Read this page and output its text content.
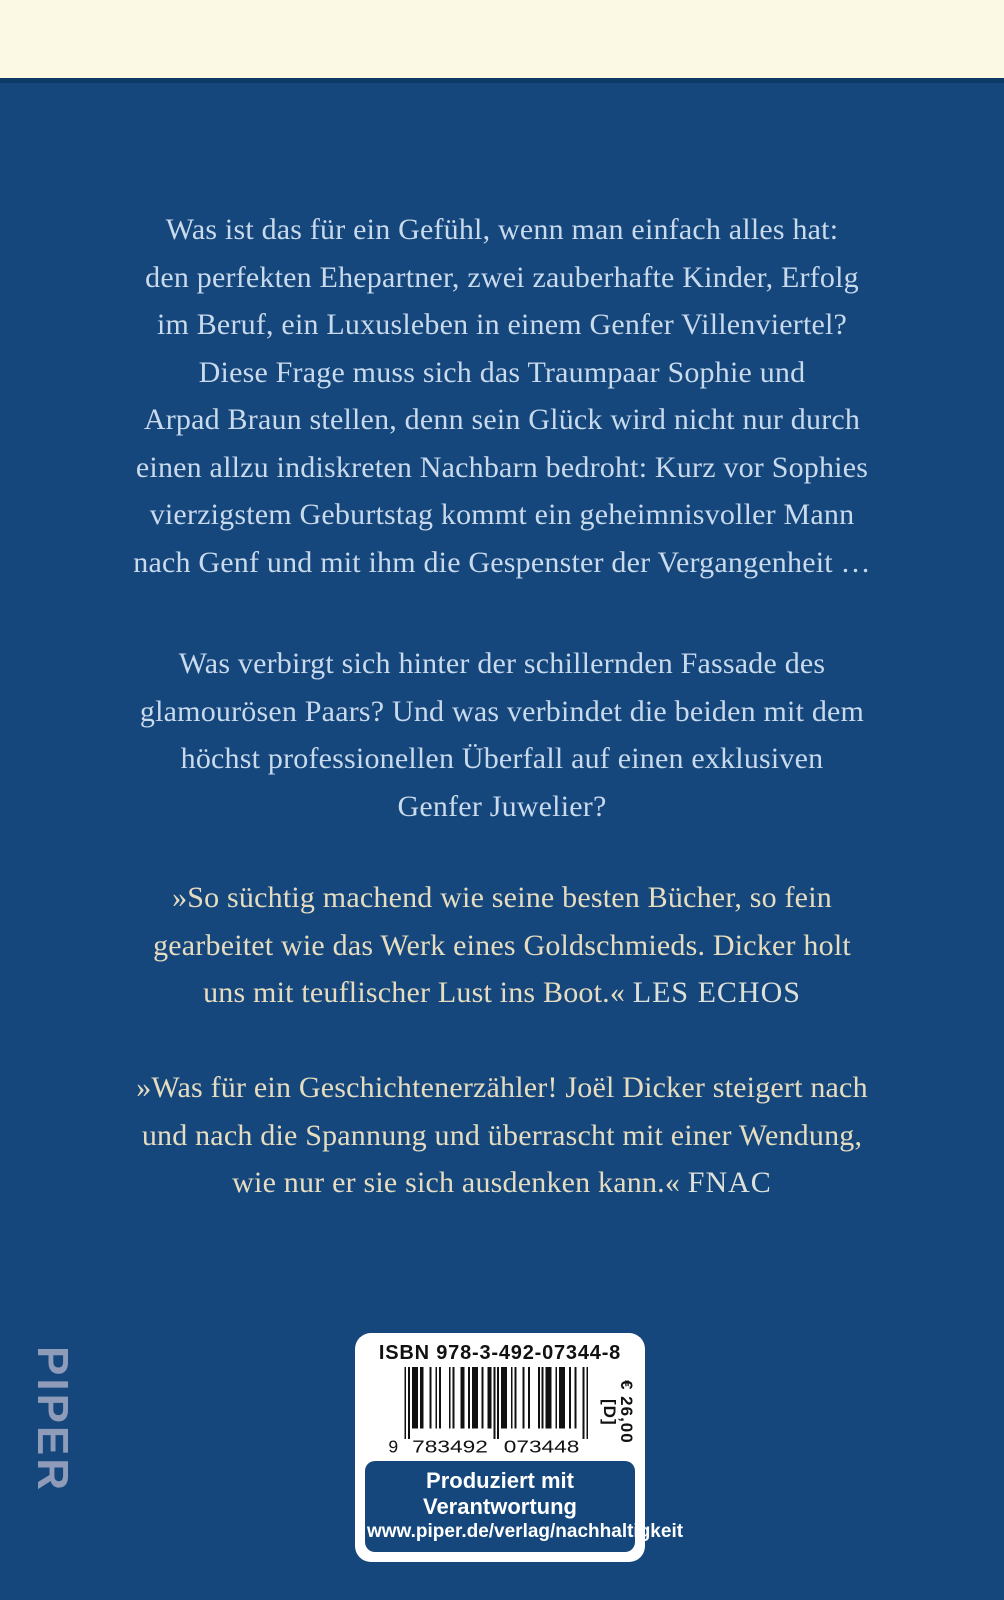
Was ist das für ein Gefühl, wenn man einfach alles hat:
den perfekten Ehepartner, zwei zauberhafte Kinder, Erfolg
im Beruf, ein Luxusleben in einem Genfer Villenviertel?
Diese Frage muss sich das Traumpaar Sophie und
Arpad Braun stellen, denn sein Glück wird nicht nur durch
einen allzu indiskreten Nachbarn bedroht: Kurz vor Sophies
vierzigstem Geburtstag kommt ein geheimnisvoller Mann
nach Genf und mit ihm die Gespenster der Vergangenheit …
Was verbirgt sich hinter der schillernden Fassade des
glamourösen Paars? Und was verbindet die beiden mit dem
höchst professionellen Überfall auf einen exklusiven
Genfer Juwelier?
»So süchtig machend wie seine besten Bücher, so fein
gearbeitet wie das Werk eines Goldschmieds. Dicker holt
uns mit teuflischer Lust ins Boot.« LES ECHOS
»Was für ein Geschichtenerzähler! Joël Dicker steigert nach
und nach die Spannung und überrascht mit einer Wendung,
wie nur er sie sich ausdenken kann.« FNAC
PIPER	ISBN 978-3-492-07344-8
9 783492 073448
€ 26,00 [D]
Produziert mit Verantwortung
www.piper.de/verlag/nachhaltigkeit
